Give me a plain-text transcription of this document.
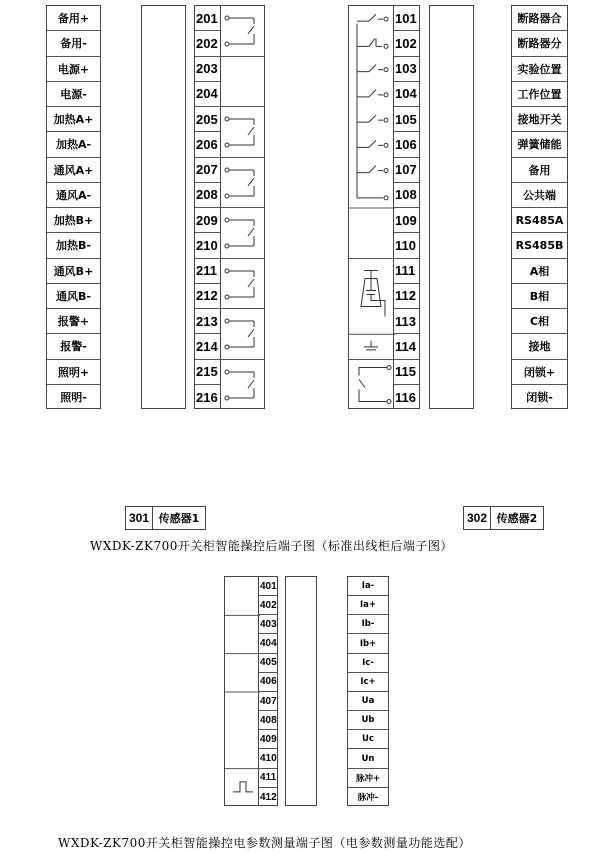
备用+
备用-
电源+
电源-
加热A+
加热A-
通风A+
通风A-
加热B+
加热B-
通风B+
通风B-
报警+
报警-
照明+
照明-
201
202
203
204
205
206
207
208
209
210
211
212
213
214
215
216
101
102
103
104
105
106
107
108
109
110
111
112
113
114
115
116
断路器合
断路器分
实验位置
工作位置
接地开关
弹簧储能
备用
公共端
RS485A
RS485B
A相
B相
C相
接地
闭锁+
闭锁-
301 传感器1	302 传感器2
WXDK-ZK700开关柜智能操控后端子图（标准出线柜后端子图）
401
402
403
404
405
406
407
408
409
410
411
412
Ia-
Ia+
Ib-
Ib+
Ic-
Ic+
Ua
Ub
Uc
Un
脉冲+
脉冲-
WXDK-ZK700开关柜智能操控电参数测量端子图（电参数测量功能选配）
